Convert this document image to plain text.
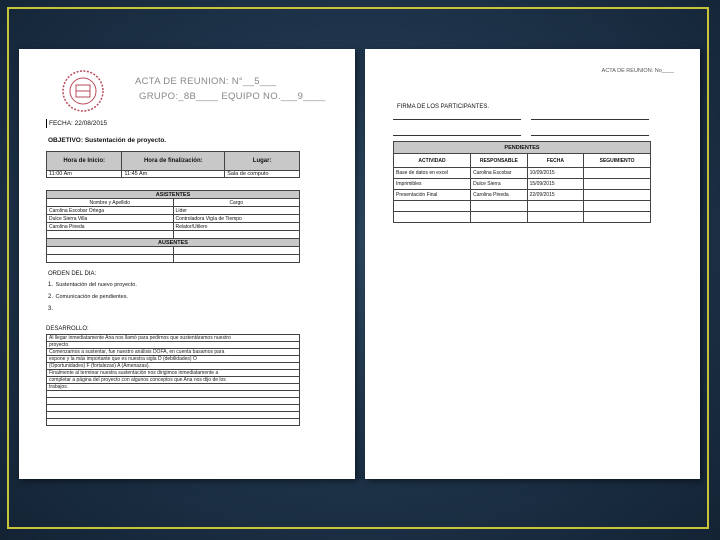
ACTA DE REUNION: N°__5___
GRUPO:_8B____ EQUIPO NO.___9____
FECHA: 22/08/2015
OBJETIVO: Sustentación de proyecto.
Hora de Inicio:	Hora de finalización:	Lugar:
11:00 Am	11:45 Am	Sala de computo
ASISTENTES	
Nombre y Apellido	Cargo
Carolina Escobar Ortega	Líder
Dulce Sierra Villa	Controladora Vigía de Tiempo
Carolina Pineda	Relator/Utilero

AUSENTES	

ORDEN DEL DIA:
1. Sustentación del nuevo proyecto.
2. Comunicación de pendientes.
3.
DESARROLLO:
Al llegar inmediatamente Ana nos llamó para pedirnos que sustentáramos nuestro
proyecto.
Comenzamos a sustentar, fue nuestro análisis DOFA, en cuenta basamos para
expone y la más importante que es nuestra sigla D (debilidades) O
(Oportunidades) F (fortalezas) A (Amenazas).
Finalmente al terminar nuestra sustentación nos dirigimos inmediatamente a
completar a página del proyecto con algunos conceptos que Ana nos dijo de los
trabajos.

ACTA DE REUNION: No____
FIRMA DE LOS PARTICIPANTES.
PENDIENTES			
ACTIVIDAD	RESPONSABLE	FECHA	SEGUIMIENTO
Base de datos en excel	Carolina Escobar	10/09/2015	
Imprimibles	Dulce Sierra	15/09/2015	
Presentación Final	Carolina Pineda	22/09/2015	
